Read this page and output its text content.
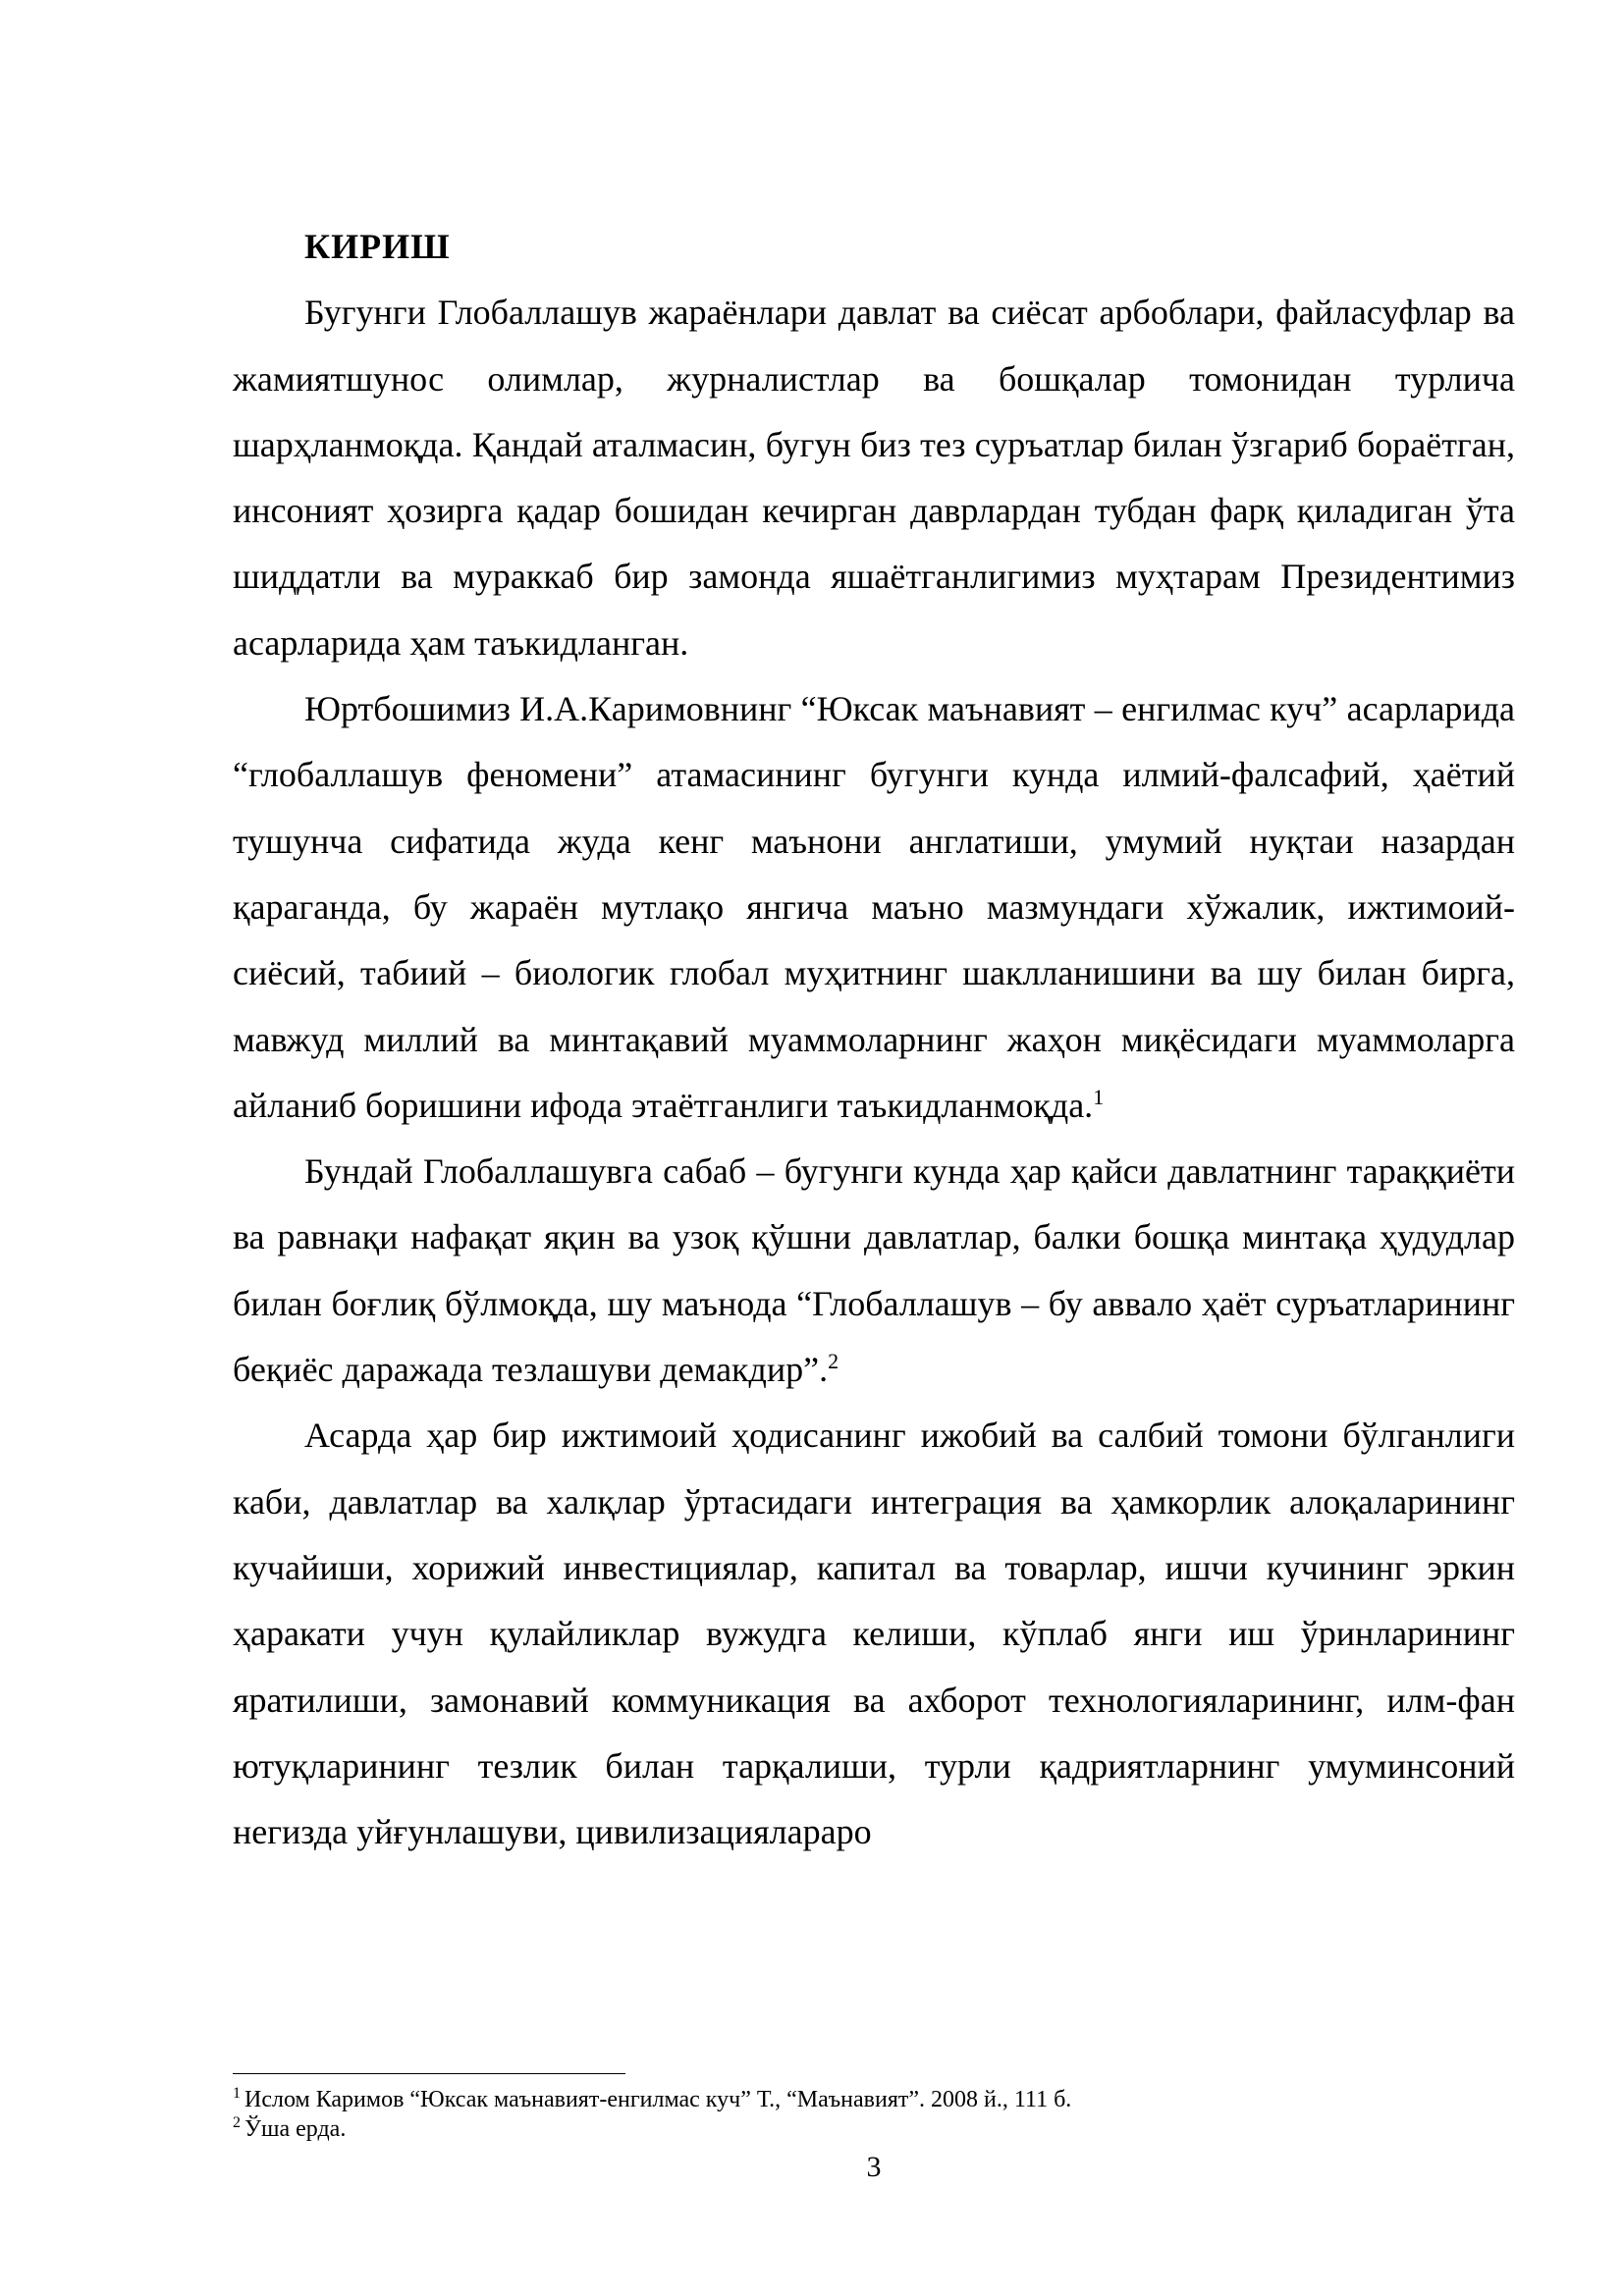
КИРИШ

Бугунги Глобаллашув жараёнлари давлат ва сиёсат арбоблари, файласуфлар ва жамиятшунос олимлар, журналистлар ва бошқалар томонидан турлича шарҳланмоқда. Қандай аталмасин, бугун биз тез суръатлар билан ўзгариб бораётган, инсоният ҳозирга қадар бошидан кечирган даврлардан тубдан фарқ қиладиган ўта шиддатли ва мураккаб бир замонда яшаётганлигимиз муҳтарам Президентимиз асарларида ҳам таъкидланган.

Юртбошимиз И.А.Каримовнинг “Юксак маънавият – енгилмас куч” асарларида “глобаллашув феномени” атамасининг бугунги кунда илмий-фалсафий, ҳаётий тушунча сифатида жуда кенг маънони англатиши, умумий нуқтаи назардан қараганда, бу жараён мутлақо янгича маъно мазмундаги хўжалик, ижтимоий-сиёсий, табиий – биологик глобал муҳитнинг шаклланишини ва шу билан бирга, мавжуд миллий ва минтақавий муаммоларнинг жаҳон миқёсидаги муаммоларга айланиб боришини ифода этаётганлиги таъкидланмоқда.$^1$

Бундай Глобаллашувга сабаб – бугунги кунда ҳар қайси давлатнинг тараққиёти ва равнақи нафақат яқин ва узоқ қўшни давлатлар, балки бошқа минтақа ҳудудлар билан боғлиқ бўлмоқда, шу маънода “Глобаллашув – бу аввало ҳаёт суръатларининг беқиёс даражада тезлашуви демакдир”.$^2$

Асарда ҳар бир ижтимоий ҳодисанинг ижобий ва салбий томони бўлганлиги каби, давлатлар ва халқлар ўртасидаги интеграция ва ҳамкорлик алоқаларининг кучайиши, хорижий инвестициялар, капитал ва товарлар, ишчи кучининг эркин ҳаракати учун қулайликлар вужудга келиши, кўплаб янги иш ўринларининг яратилиши, замонавий коммуникация ва ахборот технологияларининг, илм-фан ютуқларининг тезлик билан тарқалиши, турли қадриятларнинг умуминсоний негизда уйғунлашуви, цивилизациялараро

$^1$ Ислом Каримов “Юксак маънавият-енгилмас куч” Т., “Маънавият”. 2008 й., 111 б.

$^2$ Ўша ерда.

3
